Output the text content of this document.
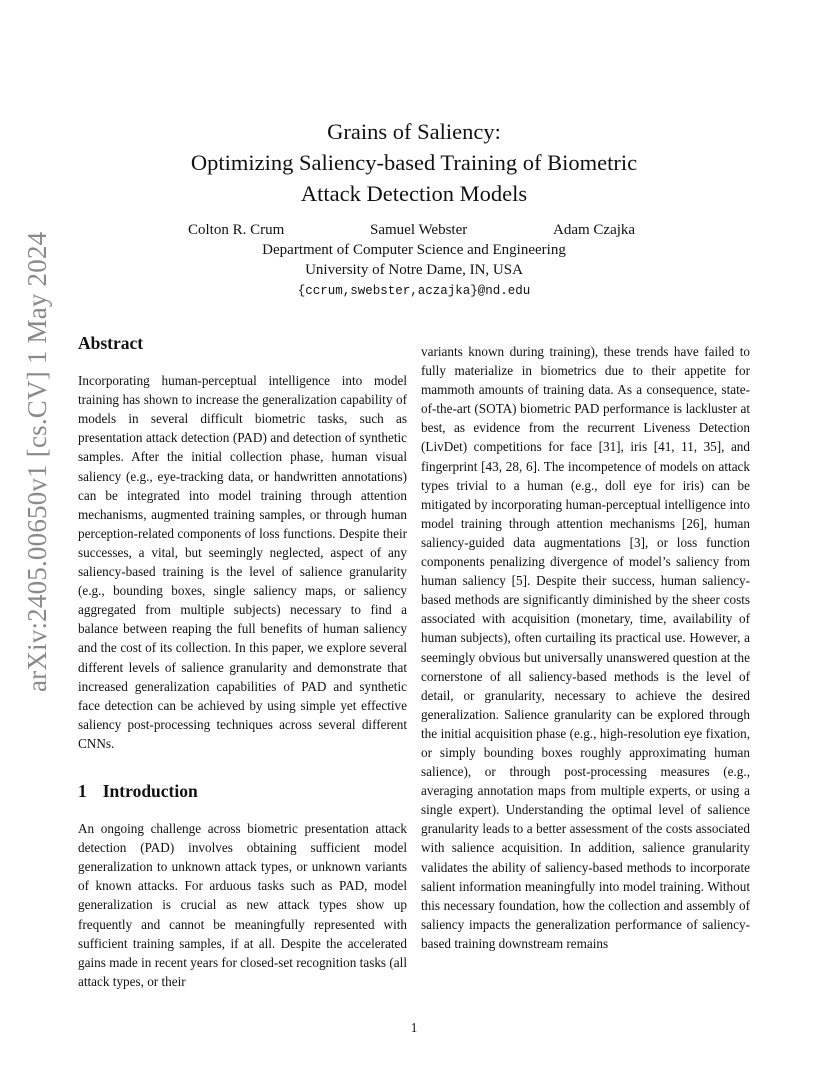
arXiv:2405.00650v1 [cs.CV] 1 May 2024
Grains of Saliency:
Optimizing Saliency-based Training of Biometric
Attack Detection Models
Colton R. Crum	Samuel Webster	Adam Czajka
Department of Computer Science and Engineering
University of Notre Dame, IN, USA
{ccrum,swebster,aczajka}@nd.edu
Abstract

Incorporating human-perceptual intelligence into model training has shown to increase the generalization capability of models in several difficult biometric tasks, such as presentation attack detection (PAD) and detection of synthetic samples. After the initial collection phase, human visual saliency (e.g., eye-tracking data, or handwritten annotations) can be integrated into model training through attention mechanisms, augmented training samples, or through human perception-related components of loss functions. Despite their successes, a vital, but seemingly neglected, aspect of any saliency-based training is the level of salience granularity (e.g., bounding boxes, single saliency maps, or saliency aggregated from multiple subjects) necessary to find a balance between reaping the full benefits of human saliency and the cost of its collection. In this paper, we explore several different levels of salience granularity and demonstrate that increased generalization capabilities of PAD and synthetic face detection can be achieved by using simple yet effective saliency post-processing techniques across several different CNNs.

1 Introduction

An ongoing challenge across biometric presentation attack detection (PAD) involves obtaining sufficient model generalization to unknown attack types, or unknown variants of known attacks. For arduous tasks such as PAD, model generalization is crucial as new attack types show up frequently and cannot be meaningfully represented with sufficient training samples, if at all. Despite the accelerated gains made in recent years for closed-set recognition tasks (all attack types, or their

variants known during training), these trends have failed to fully materialize in biometrics due to their appetite for mammoth amounts of training data. As a consequence, state-of-the-art (SOTA) biometric PAD performance is lackluster at best, as evidence from the recurrent Liveness Detection (LivDet) competitions for face [31], iris [41, 11, 35], and fingerprint [43, 28, 6]. The incompetence of models on attack types trivial to a human (e.g., doll eye for iris) can be mitigated by incorporating human-perceptual intelligence into model training through attention mechanisms [26], human saliency-guided data augmentations [3], or loss function components penalizing divergence of model’s saliency from human saliency [5]. Despite their success, human saliency-based methods are significantly diminished by the sheer costs associated with acquisition (monetary, time, availability of human subjects), often curtailing its practical use. However, a seemingly obvious but universally unanswered question at the cornerstone of all saliency-based methods is the level of detail, or granularity, necessary to achieve the desired generalization. Salience granularity can be explored through the initial acquisition phase (e.g., high-resolution eye fixation, or simply bounding boxes roughly approximating human salience), or through post-processing measures (e.g., averaging annotation maps from multiple experts, or using a single expert). Understanding the optimal level of salience granularity leads to a better assessment of the costs associated with salience acquisition. In addition, salience granularity validates the ability of saliency-based methods to incorporate salient information meaningfully into model training. Without this necessary foundation, how the collection and assembly of saliency impacts the generalization performance of saliency-based training downstream remains

1
